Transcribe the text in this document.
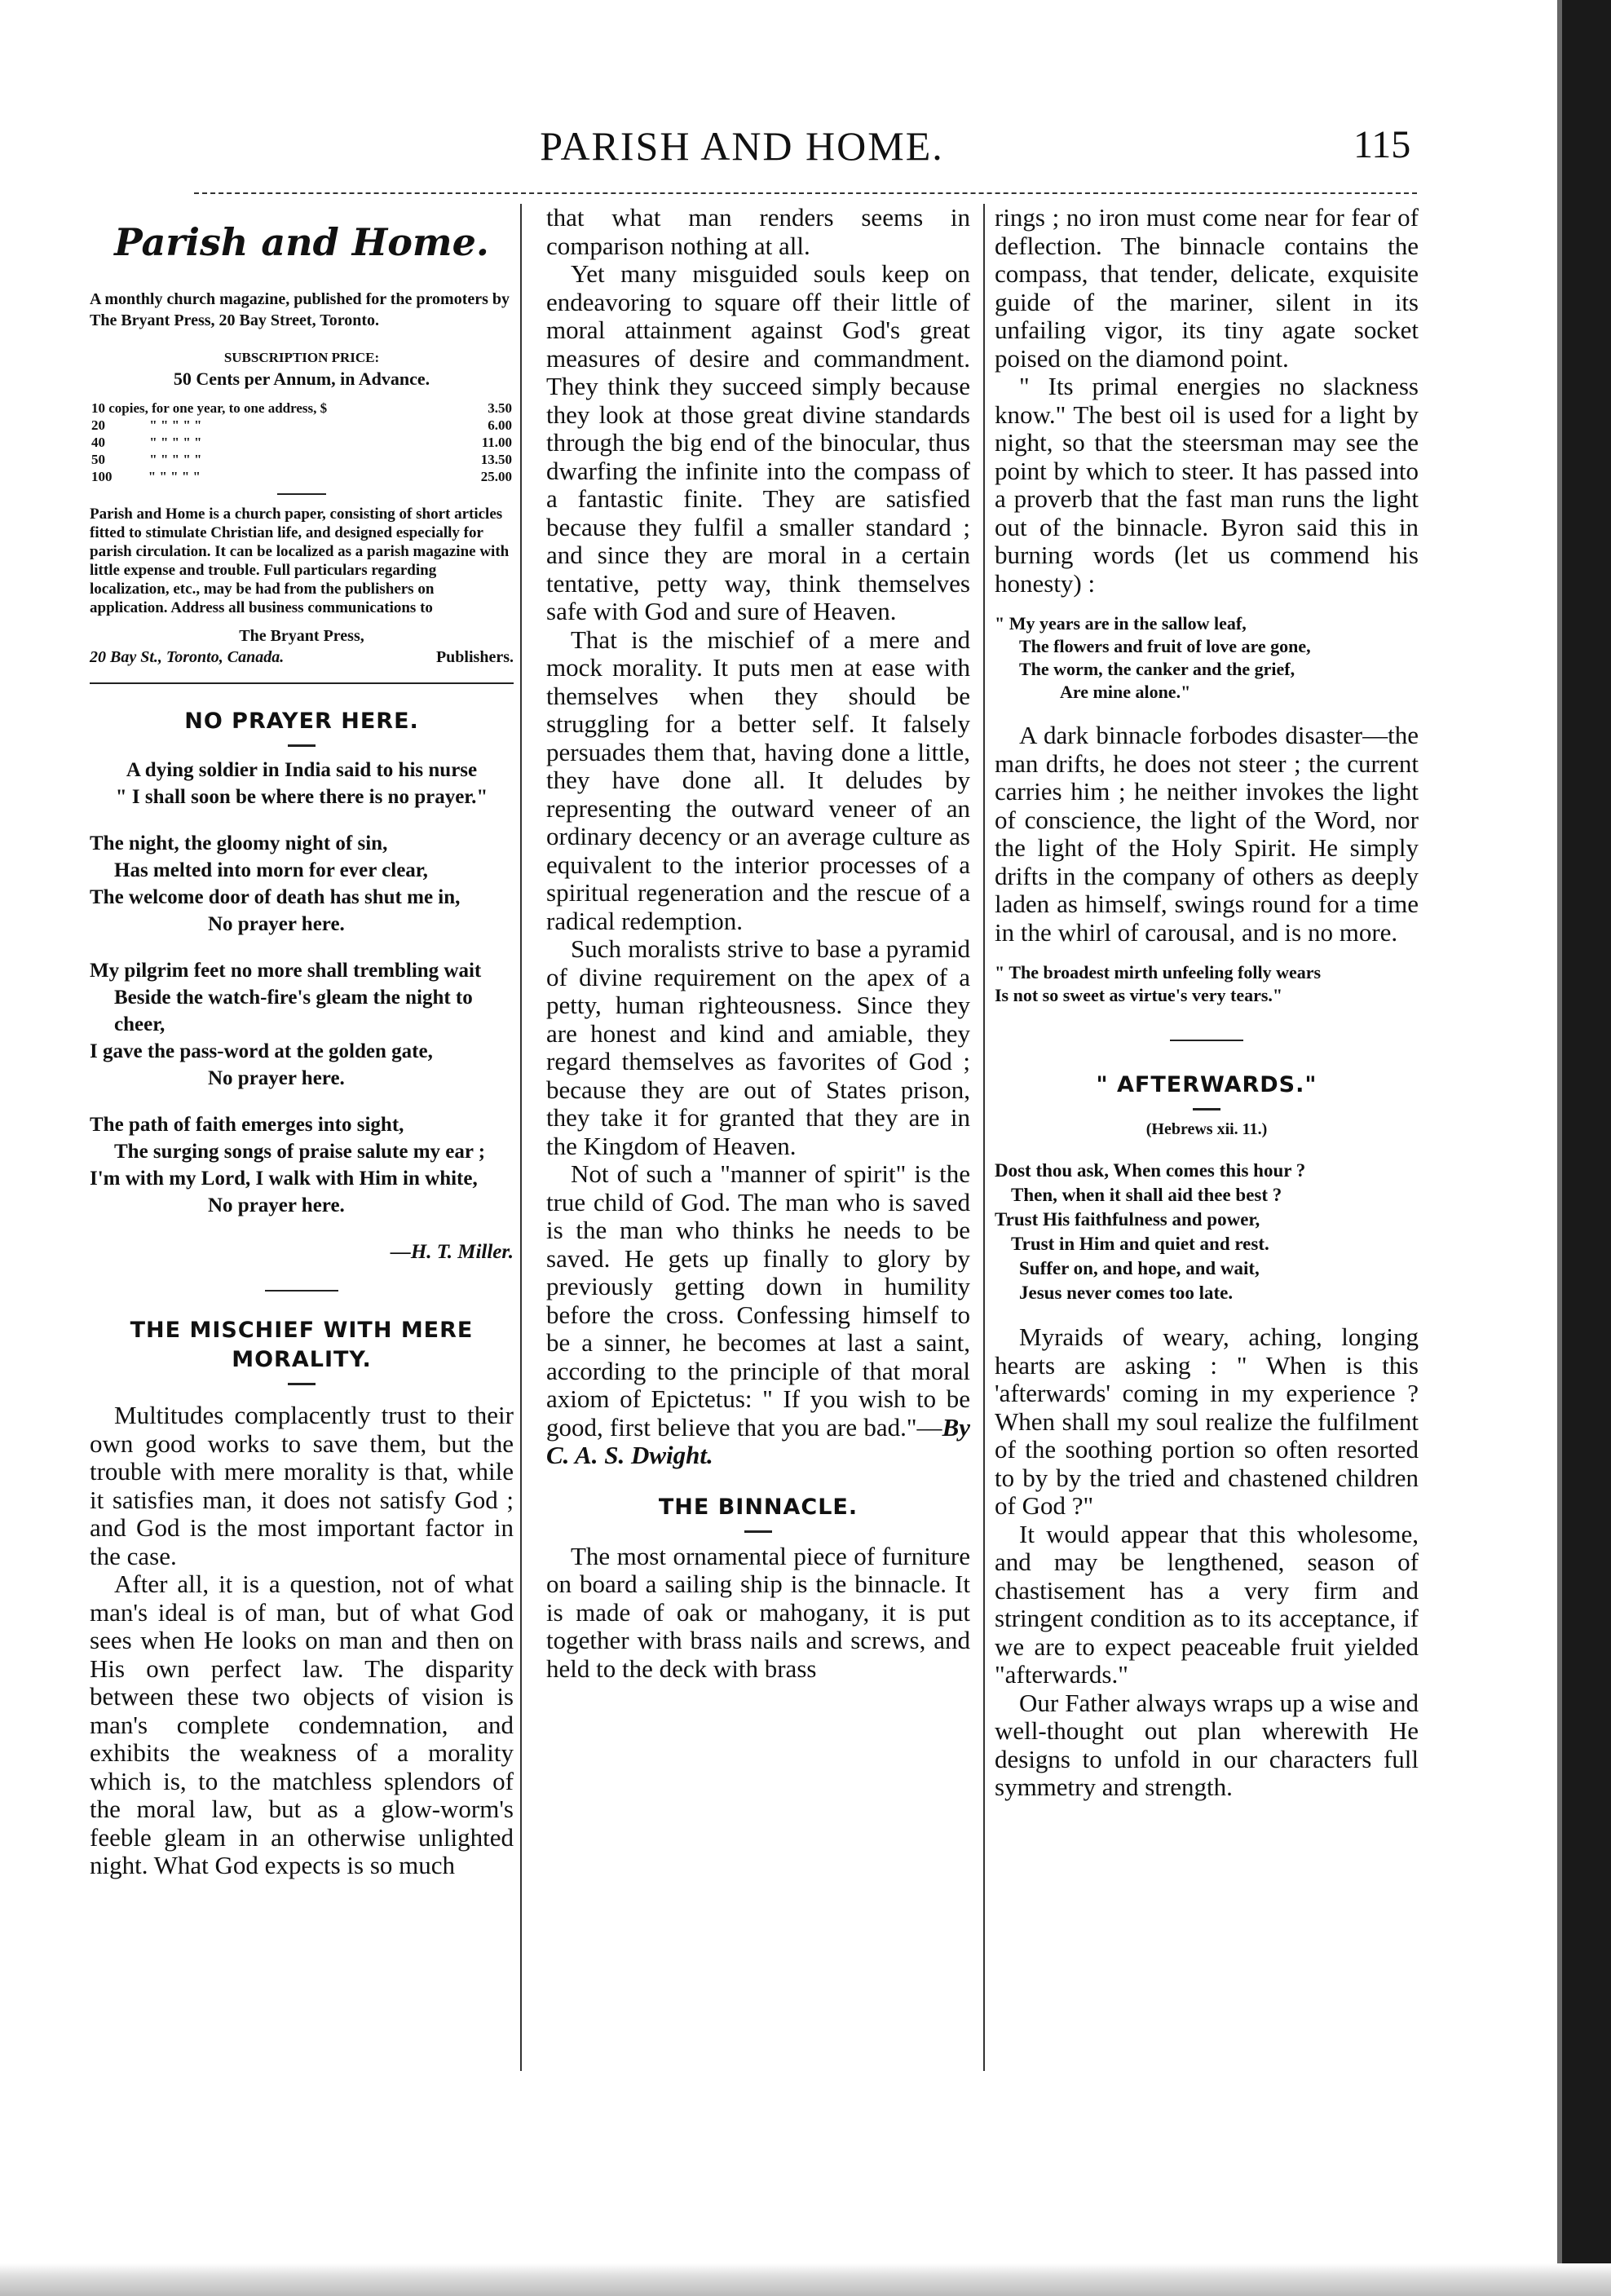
PARISH AND HOME.	115
Parish and Home.
A monthly church magazine, published for the promoters by The Bryant Press, 20 Bay Street, Toronto.
SUBSCRIPTION PRICE:
50 Cents per Annum, in Advance.
10 copies, for one year, to one address, $	3.50
20 " " " " "	6.00
40 " " " " "	11.00
50 " " " " "	13.50
100 " " " " "	25.00
Parish and Home is a church paper, consisting of short articles fitted to stimulate Christian life, and designed especially for parish circulation. It can be localized as a parish magazine with little expense and trouble. Full particulars regarding localization, etc., may be had from the publishers on application. Address all business communications to
The Bryant Press,
20 Bay St., Toronto, Canada.	Publishers.
NO PRAYER HERE.

A dying soldier in India said to his nurse
" I shall soon be where there is no prayer."

The night, the gloomy night of sin,
Has melted into morn for ever clear,
The welcome door of death has shut me in,
No prayer here.

My pilgrim feet no more shall trembling wait
Beside the watch-fire's gleam the night to cheer,
I gave the pass-word at the golden gate,
No prayer here.

The path of faith emerges into sight,
The surging songs of praise salute my ear ;
I'm with my Lord, I walk with Him in white,
No prayer here.

—H. T. Miller.
THE MISCHIEF WITH MERE
MORALITY.

Multitudes complacently trust to their own good works to save them, but the trouble with mere morality is that, while it satisfies man, it does not satisfy God ; and God is the most important factor in the case.

After all, it is a question, not of what man's ideal is of man, but of what God sees when He looks on man and then on His own perfect law. The disparity between these two objects of vision is man's complete condemnation, and exhibits the weakness of a morality which is, to the matchless splendors of the moral law, but as a glow-worm's feeble gleam in an otherwise unlighted night. What God expects is so much

that what man renders seems in comparison nothing at all.

Yet many misguided souls keep on endeavoring to square off their little of moral attainment against God's great measures of desire and commandment. They think they succeed simply because they look at those great divine standards through the big end of the binocular, thus dwarfing the infinite into the compass of a fantastic finite. They are satisfied because they fulfil a smaller standard ; and since they are moral in a certain tentative, petty way, think themselves safe with God and sure of Heaven.

That is the mischief of a mere and mock morality. It puts men at ease with themselves when they should be struggling for a better self. It falsely persuades them that, having done a little, they have done all. It deludes by representing the outward veneer of an ordinary decency or an average culture as equivalent to the interior processes of a spiritual regeneration and the rescue of a radical redemption.

Such moralists strive to base a pyramid of divine requirement on the apex of a petty, human righteousness. Since they are honest and kind and amiable, they regard themselves as favorites of God ; because they are out of States prison, they take it for granted that they are in the Kingdom of Heaven.

Not of such a "manner of spirit" is the true child of God. The man who is saved is the man who thinks he needs to be saved. He gets up finally to glory by previously getting down in humility before the cross. Confessing himself to be a sinner, he becomes at last a saint, according to the principle of that moral axiom of Epictetus: " If you wish to be good, first believe that you are bad."—By C. A. S. Dwight.

THE BINNACLE.

The most ornamental piece of furniture on board a sailing ship is the binnacle. It is made of oak or mahogany, it is put together with brass nails and screws, and held to the deck with brass

rings ; no iron must come near for fear of deflection. The binnacle contains the compass, that tender, delicate, exquisite guide of the mariner, silent in its unfailing vigor, its tiny agate socket poised on the diamond point.

" Its primal energies no slackness know." The best oil is used for a light by night, so that the steersman may see the point by which to steer. It has passed into a proverb that the fast man runs the light out of the binnacle. Byron said this in burning words (let us commend his honesty) :

" My years are in the sallow leaf,
The flowers and fruit of love are gone,
The worm, the canker and the grief,
Are mine alone."

A dark binnacle forbodes disaster—the man drifts, he does not steer ; the current carries him ; he neither invokes the light of conscience, the light of the Word, nor the light of the Holy Spirit. He simply drifts in the company of others as deeply laden as himself, swings round for a time in the whirl of carousal, and is no more.

" The broadest mirth unfeeling folly wears
Is not so sweet as virtue's very tears."
" AFTERWARDS."
(Hebrews xii. 11.)
Dost thou ask, When comes this hour ?
Then, when it shall aid thee best ?
Trust His faithfulness and power,
Trust in Him and quiet and rest.
Suffer on, and hope, and wait,
Jesus never comes too late.

Myraids of weary, aching, longing hearts are asking : " When is this 'afterwards' coming in my experience ? When shall my soul realize the fulfilment of the soothing portion so often resorted to by by the tried and chastened children of God ?"

It would appear that this wholesome, and may be lengthened, season of chastisement has a very firm and stringent condition as to its acceptance, if we are to expect peaceable fruit yielded "afterwards."

Our Father always wraps up a wise and well-thought out plan wherewith He designs to unfold in our characters full symmetry and strength.
